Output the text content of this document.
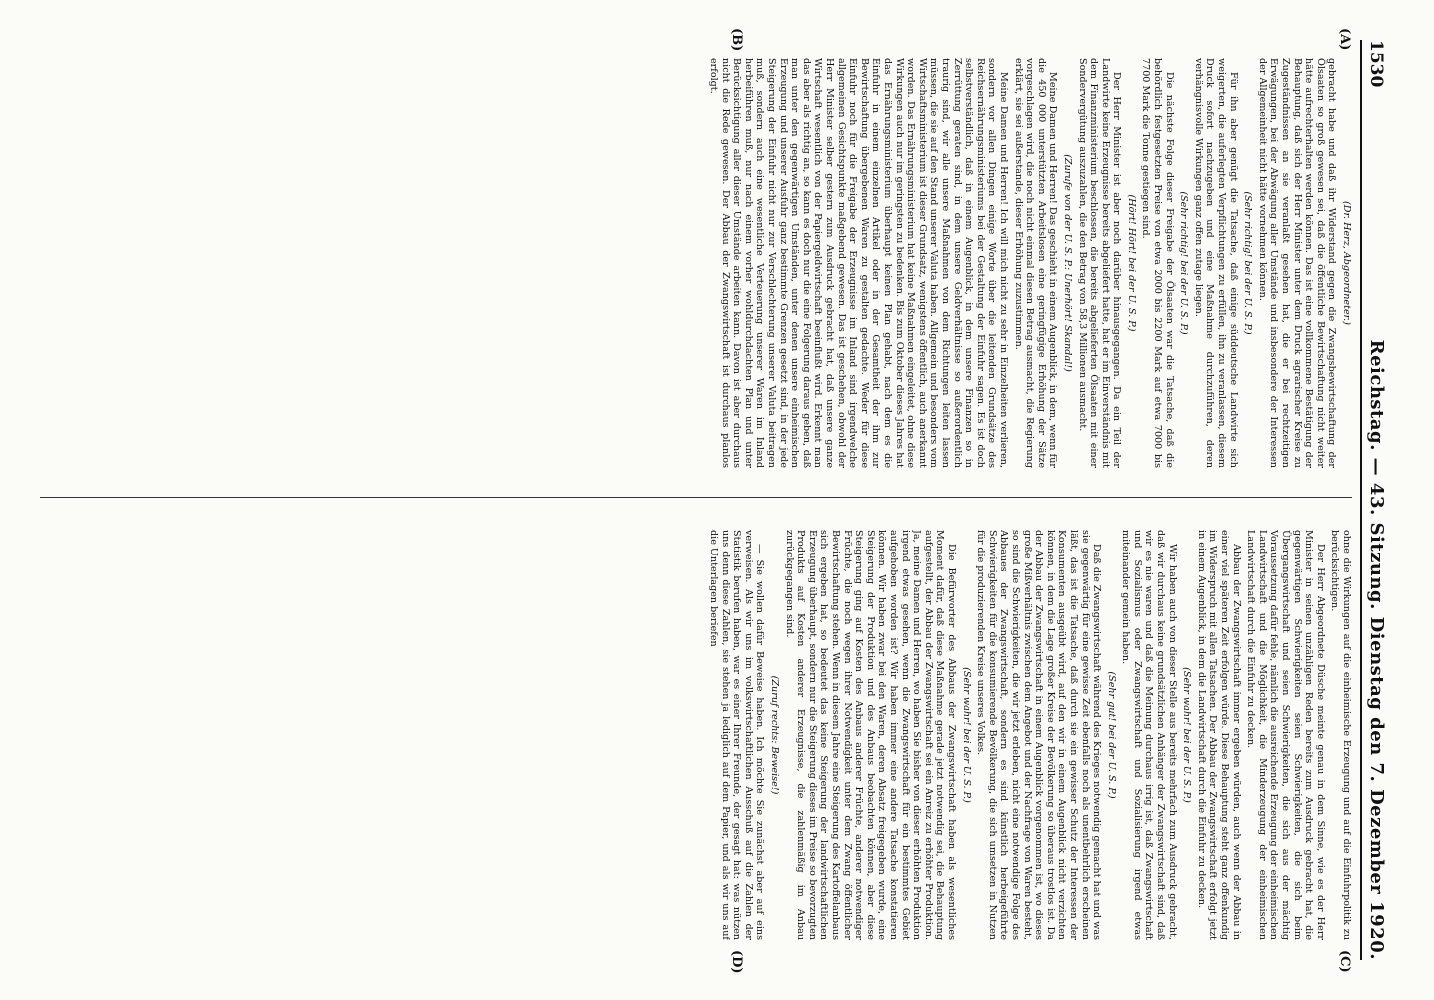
1530
Reichstag. — 43. Sitzung. Dienstag den 7. Dezember 1920.
(A)
(B)
(C)
(D)

(Dr. Herz, Abgeordneter.)

gebracht habe und daß ihr Widerstand gegen die Zwangsbewirtschaftung der Ölsaaten so groß gewesen sei, daß die öffentliche Bewirtschaftung nicht weiter hätte aufrechterhalten werden können. Das ist eine vollkommene Bestätigung der Behauptung, daß sich der Herr Minister unter dem Druck agrarischer Kreise zu Zugeständnissen an sie veranlaßt gesehen hat, die er bei rechtzeitigen Erwägungen, bei der Abwägung aller Umstände und insbesondere der Interessen der Allgemeinheit nicht hätte vornehmen können.

(Sehr richtig! bei der U. S. P.)

Für ihn aber genügt die Tatsache, daß einige süddeutsche Landwirte sich weigerten, die auferlegten Verpflichtungen zu erfüllen, ihn zu veranlassen, diesem Druck sofort nachzugeben und eine Maßnahme durchzuführen, deren verhängnisvolle Wirkungen ganz offen zutage liegen.

(Sehr richtig! bei der U. S. P.)

Die nächste Folge dieser Freigabe der Ölsaaten war die Tatsache, daß die behördlich festgesetzten Preise von etwa 2000 bis 2200 Mark auf etwa 7000 bis 7700 Mark die Tonne gestiegen sind.

(Hört! Hört! bei der U. S. P.)

Der Herr Minister ist aber noch darüber hinausgegangen. Da ein Teil der Landwirte keine Erzeugnisse bereits abgeliefert hatte, hat er im Einverständnis mit dem Finanzministerium beschlossen, die bereits abgelieferten Ölsaaten mit einer Sondervergütung auszuzahlen, die den Betrag von 58,3 Millionen ausmacht.

(Zurufe von der U. S. P.: Unerhört! Skandal!)

Meine Damen und Herren! Das geschieht in einem Augenblick, in dem, wenn für die 450 000 unterstützten Arbeitslosen eine geringfügige Erhöhung der Sätze vorgeschlagen wird, die noch nicht einmal diesen Betrag ausmacht, die Regierung erklärt, sie sei außerstande, dieser Erhöhung zuzustimmen.

Meine Damen und Herren! Ich will mich nicht zu sehr in Einzelheiten verlieren, sondern vor allen Dingen einige Worte über die leitenden Grundsätze des Reichsernährungsministeriums bei der Gestaltung der Einfuhr sagen. Es ist doch selbstverständlich, daß in einem Augenblick, in dem unsere Finanzen so in Zerrüttung geraten sind, in dem unsere Geldverhältnisse so außerordentlich traurig sind, wir alle unsere Maßnahmen von dem Richtungen leiten lassen müssen, die sie auf den Stand unserer Valuta haben. Allgemein und besonders vom Wirtschaftsministerium ist dieser Grundsatz, wenigstens öffentlich, auch anerkannt worden. Das Ernährungsministerium hat keine Maßnahmen eingeleitet, ohne diese Wirkungen auch nur im geringsten zu bedenken. Bis zum Oktober dieses Jahres hat das Ernährungsministerium überhaupt keinen Plan gehabt, nach dem es die Einfuhr in einem einzelnen Artikel oder in der Gesamtheit der ihm zur Bewirtschaftung übergebenen Waren zu gestalten gedachte. Weder für diese Einfuhr noch für die Freigabe der Erzeugnisse im Inland sind irgendwelche allgemeinen Gesichtspunkte maßgebend gewesen. Das ist geschehen, obwohl der Herr Minister selber gestern zum Ausdruck gebracht hat, daß unsere ganze Wirtschaft wesentlich von der Papiergeldwirtschaft beeinflußt wird. Erkennt man das aber als richtig an, so kann es doch nur die eine Folgerung daraus geben, daß man unter den gegenwärtigen Umständen, unter denen unsere einheimischen Erzeugung und unserer Ausfuhr ganz bestimmte Grenzen gesetzt sind, in der jede Steigerung der Einfuhr nicht nur zur Verschlechterung unserer Valuta beitragen muß, sondern auch eine wesentliche Verteuerung unserer Waren im Inland herbeiführen muß, nur nach einem vorher wohldurchdachten Plan und unter Berücksichtigung aller dieser Umstände arbeiten kann. Davon ist aber durchaus nicht die Rede gewesen. Der Abbau der Zwangswirtschaft ist durchaus planlos erfolgt.

ohne die Wirkungen auf die einheimische Erzeugung und auf die Einfuhrpolitik zu berücksichtigen.

Der Herr Abgeordnete Düsche meinte genau in dem Sinne, wie es der Herr Minister in seinen unzähligen Reden bereits zum Ausdruck gebracht hat, die gegenwärtigen Schwierigkeiten seien Schwierigkeiten, die sich beim Übergangswirtschaft und seien Schwierigkeiten, die sich aus der mächtig Voraussetzung dafür fehle, nämlich die ausreichende Erzeugung der einheimischen Landwirtschaft und die Möglichkeit, die Minderzeugung der einheimischen Landwirtschaft durch die Einfuhr zu decken.

Abbau der Zwangswirtschaft immer ergeben würden, auch wenn der Abbau in einer viel späteren Zeit erfolgen würde. Diese Behauptung steht ganz offenkundig im Widerspruch mit allen Tatsachen. Der Abbau der Zwangswirtschaft erfolgt jetzt in einem Augenblick, in dem die Landwirtschaft durch die Einfuhr zu decken.

(Sehr wahr! bei der U. S. P.)

Wir haben auch von dieser Stelle aus bereits mehrfach zum Ausdruck gebracht, daß wir durchaus keine grundsätzlichen Anhänger der Zwangswirtschaft sind, daß wir es nie waren und daß die Meinung durchaus irrig ist, daß Zwangswirtschaft und Sozialismus oder Zwangswirtschaft und Sozialisierung irgend etwas miteinander gemein haben.

(Sehr gut! bei der U. S. P.)

Daß die Zwangswirtschaft während des Krieges notwendig gemacht hat und was sie gegenwärtig für eine gewisse Zeit ebenfalls noch als unentbehrlich erscheinen läßt, das ist die Tatsache, daß durch sie ein gewisser Schutz der Interessen der Konsumenten ausgeübt wird, auf den wir in einem Augenblick nicht verzichten können, in dem die Lage großer Kreise der Bevölkerung so überaus trostlos ist. Da der Abbau der Zwangswirtschaft in einem Augenblick vorgenommen ist, wo dieses große Mißverhältnis zwischen dem Angebot und der Nachfrage von Waren besteht, so sind die Schwierigkeiten, die wir jetzt erleben, nicht eine notwendige Folge des Abbaues der Zwangswirtschaft, sondern es sind künstlich herbeigeführte Schwierigkeiten für die konsumierende Bevölkerung, die sich umsetzen in Nutzen für die produzierenden Kreise unseres Volkes.

(Sehr wahr! bei der U. S. P.)

Die Befürworter des Abbaus der Zwangswirtschaft haben als wesentliches Moment dafür, daß diese Maßnahme gerade jetzt notwendig sei, die Behauptung aufgestellt, der Abbau der Zwangswirtschaft sei ein Anreiz zu erhöhter Produktion. Ja, meine Damen und Herren, wo haben Sie bisher von dieser erhöhten Produktion irgend etwas gesehen, wenn die Zwangswirtschaft für ein bestimmtes Gebiet aufgehoben worden ist? Wir haben immer eine andere Tatsache konstatieren können. Wir haben zwar bei den Waren, deren Absatz freigegeben wurde, eine Steigerung der Produktion und des Anbaus beobachten können, aber diese Steigerung ging auf Kosten des Anbaus anderer Früchte, anderer notwendiger Früchte, die noch wegen ihrer Notwendigkeit unter dem Zwang öffentlicher Bewirtschaftung stehen. Wenn in diesem Jahre eine Steigerung des Kartoffelanbaus sich ergeben hat, so bedeutet das keine Steigerung der landwirtschaftlichen Erzeugung überhaupt, sondern nur die Steigerung dieses im Preise so bevorzugten Produkts auf Kosten anderer Erzeugnisse, die zahlenmäßig im Anbau zurückgegangen sind.

(Zuruf rechts: Beweise!)

— Sie wollen dafür Beweise haben. Ich möchte Sie zunächst aber auf eins verweisen. Als wir uns im volkswirtschaftlichen Ausschuß auf die Zahlen der Statistik berufen haben, war es einer Ihrer Freunde, der gesagt hat: was nützen uns denn diese Zahlen, sie stehen ja lediglich auf dem Papier, und als wir uns auf die Unterlagen beriefen
